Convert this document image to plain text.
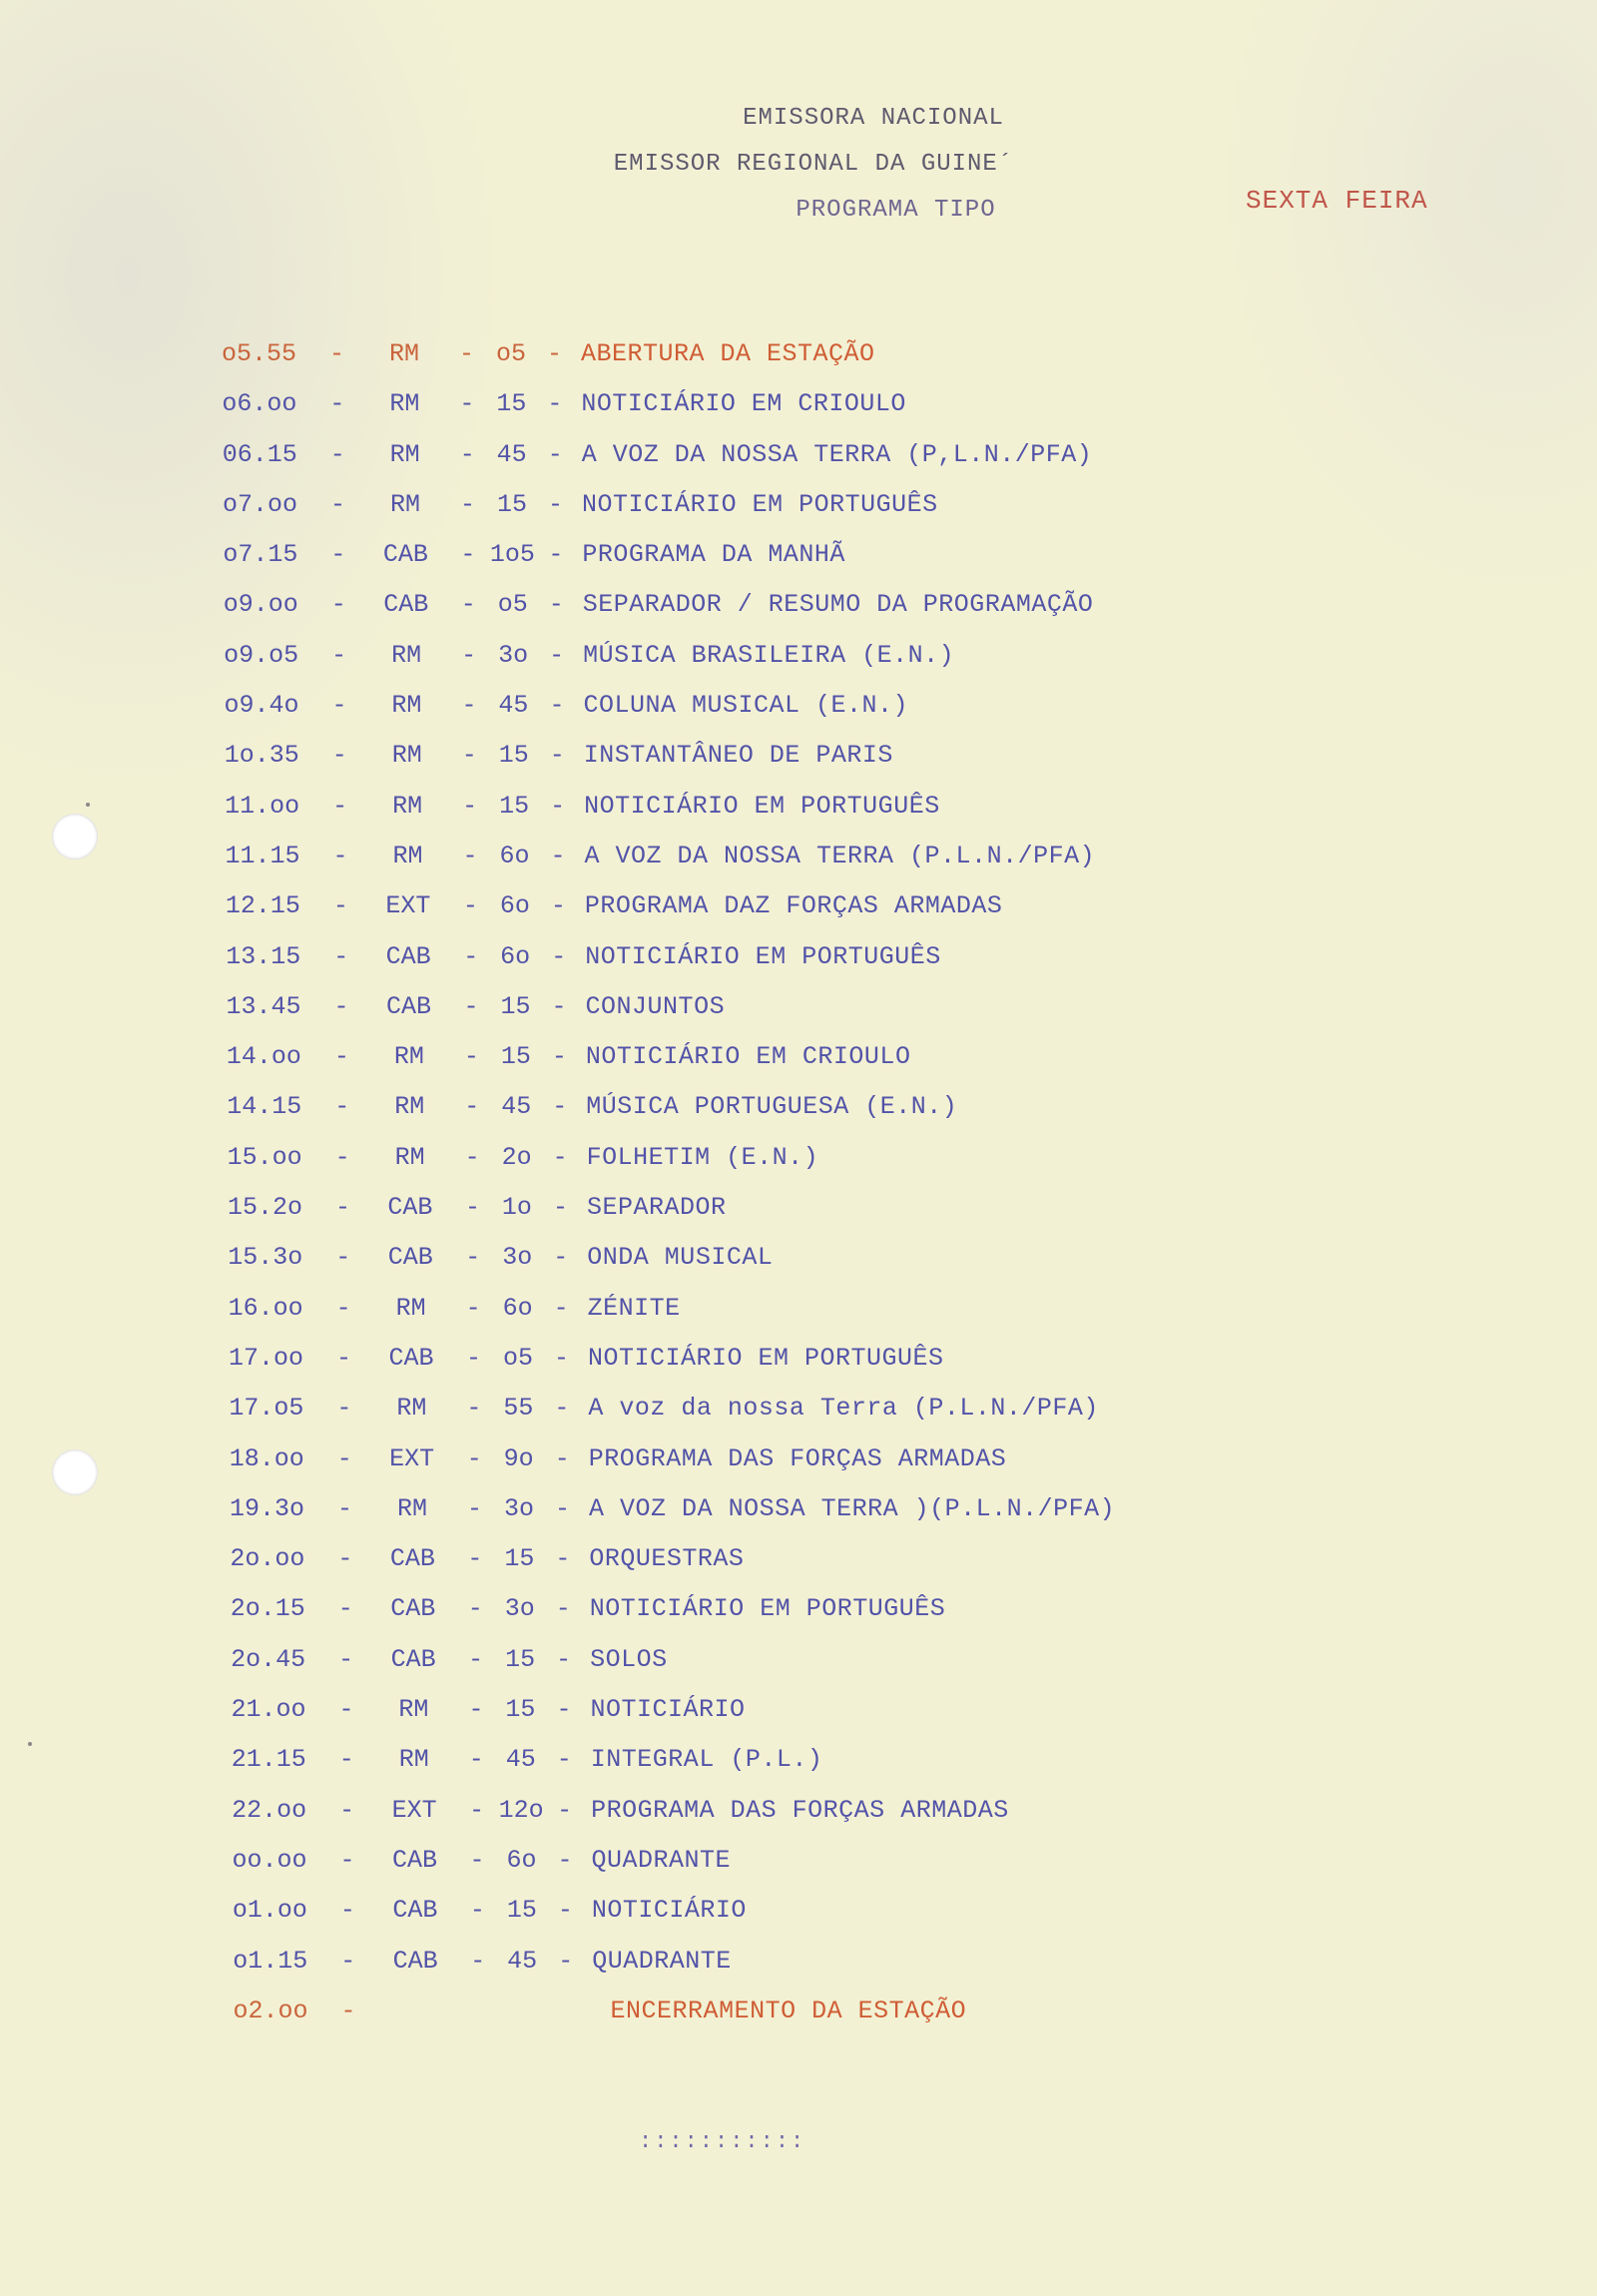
EMISSORA NACIONAL
EMISSOR REGIONAL DA GUINE´
PROGRAMA TIPO	SEXTA FEIRA
o5.55	-	RM	- o5 - ABERTURA DA ESTAÇÃO
o6.oo	-	RM	- 15 - NOTICIÁRIO EM CRIOULO
06.15	-	RM	- 45 - A VOZ DA NOSSA TERRA (P,L.N./PFA)
o7.oo	-	RM	- 15 - NOTICIÁRIO EM PORTUGUÊS
o7.15	-	CAB	- 1o5 - PROGRAMA DA MANHÃ
o9.oo	-	CAB	- o5 - SEPARADOR / RESUMO DA PROGRAMAÇÃO
o9.o5	-	RM	- 3o - MÚSICA BRASILEIRA (E.N.)
o9.4o	-	RM	- 45 - COLUNA MUSICAL (E.N.)
1o.35	-	RM	- 15 - INSTANTÂNEO DE PARIS
11.oo	-	RM	- 15 - NOTICIÁRIO EM PORTUGUÊS
11.15	-	RM	- 6o - A VOZ DA NOSSA TERRA (P.L.N./PFA)
12.15	-	EXT	- 6o - PROGRAMA DAZ FORÇAS ARMADAS
13.15	-	CAB	- 6o - NOTICIÁRIO EM PORTUGUÊS
13.45	-	CAB	- 15 - CONJUNTOS
14.oo	-	RM	- 15 - NOTICIÁRIO EM CRIOULO
14.15	-	RM	- 45 - MÚSICA PORTUGUESA (E.N.)
15.oo	-	RM	- 2o - FOLHETIM (E.N.)
15.2o	-	CAB	- 1o - SEPARADOR
15.3o	-	CAB	- 3o - ONDA MUSICAL
16.oo	-	RM	- 6o - ZÉNITE
17.oo	-	CAB	- o5 - NOTICIÁRIO EM PORTUGUÊS
17.o5	-	RM	- 55 - A voz da nossa Terra (P.L.N./PFA)
18.oo	-	EXT	- 9o - PROGRAMA DAS FORÇAS ARMADAS
19.3o	-	RM	- 3o - A VOZ DA NOSSA TERRA )(P.L.N./PFA)
2o.oo	-	CAB	- 15 - ORQUESTRAS
2o.15	-	CAB	- 3o - NOTICIÁRIO EM PORTUGUÊS
2o.45	-	CAB	- 15 - SOLOS
21.oo	-	RM	- 15 - NOTICIÁRIO
21.15	-	RM	- 45 - INTEGRAL (P.L.)
22.oo	-	EXT	- 12o - PROGRAMA DAS FORÇAS ARMADAS
oo.oo	-	CAB	- 6o - QUADRANTE
o1.oo	-	CAB	- 15 - NOTICIÁRIO
o1.15	-	CAB	- 45 - QUADRANTE
o2.oo	-	ENCERRAMENTO DA ESTAÇÃO
:::::::::::
